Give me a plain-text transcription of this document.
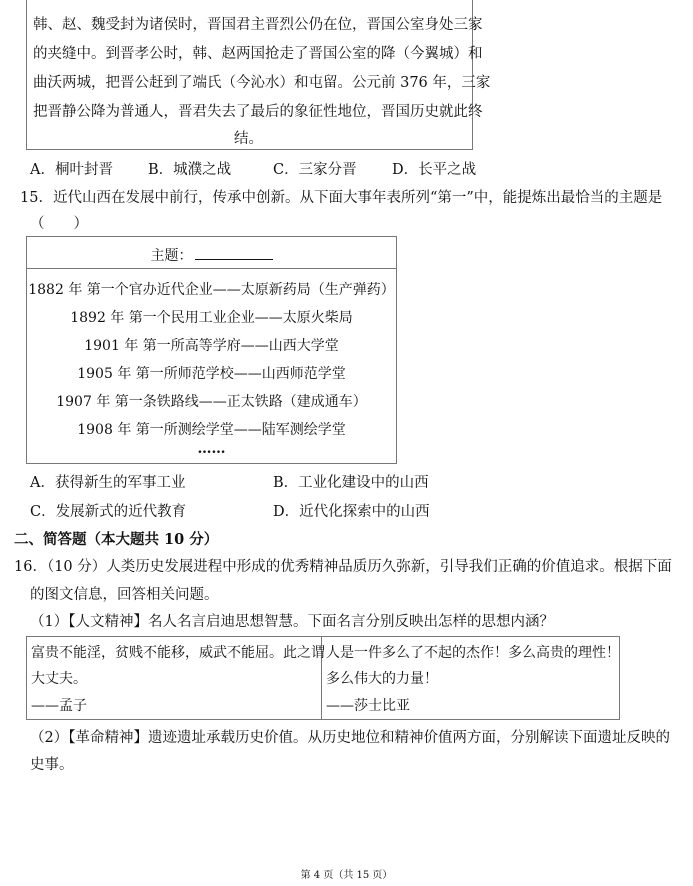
韩、赵、魏受封为诸侯时，晋国君主晋烈公仍在位，晋国公室身处三家
的夹缝中。到晋孝公时，韩、赵两国抢走了晋国公室的降（今翼城）和
曲沃两城，把晋公赶到了端氏（今沁水）和屯留。公元前 376 年，三家
把晋静公降为普通人，晋君失去了最后的象征性地位，晋国历史就此终
结。
A．桐叶封晋 B．城濮之战	C．三家分晋 D．长平之战
15．近代山西在发展中前行，传承中创新。从下面大事年表所列“第一”中，能提炼出最恰当的主题是
（　　）
主题：
1882 年 第一个官办近代企业——太原新药局（生产弹药）
1892 年 第一个民用工业企业——太原火柴局
1901 年 第一所高等学府——山西大学堂
1905 年 第一所师范学校——山西师范学堂
1907 年 第一条铁路线——正太铁路（建成通车）
1908 年 第一所测绘学堂——陆军测绘学堂
……
A．获得新生的军事工业	B．工业化建设中的山西
C．发展新式的近代教育	D．近代化探索中的山西
二、简答题（本大题共 10 分）
16．（10 分）人类历史发展进程中形成的优秀精神品质历久弥新，引导我们正确的价值追求。根据下面
的图文信息，回答相关问题。
（1）【人文精神】名人名言启迪思想智慧。下面名言分别反映出怎样的思想内涵？
富贵不能淫，贫贱不能移，威武不能屈。此之谓
大丈夫。
——孟子
人是一件多么了不起的杰作！多么高贵的理性！
多么伟大的力量！
——莎士比亚
（2）【革命精神】遗迹遗址承载历史价值。从历史地位和精神价值两方面，分别解读下面遗址反映的
史事。
第 4 页（共 15 页）
